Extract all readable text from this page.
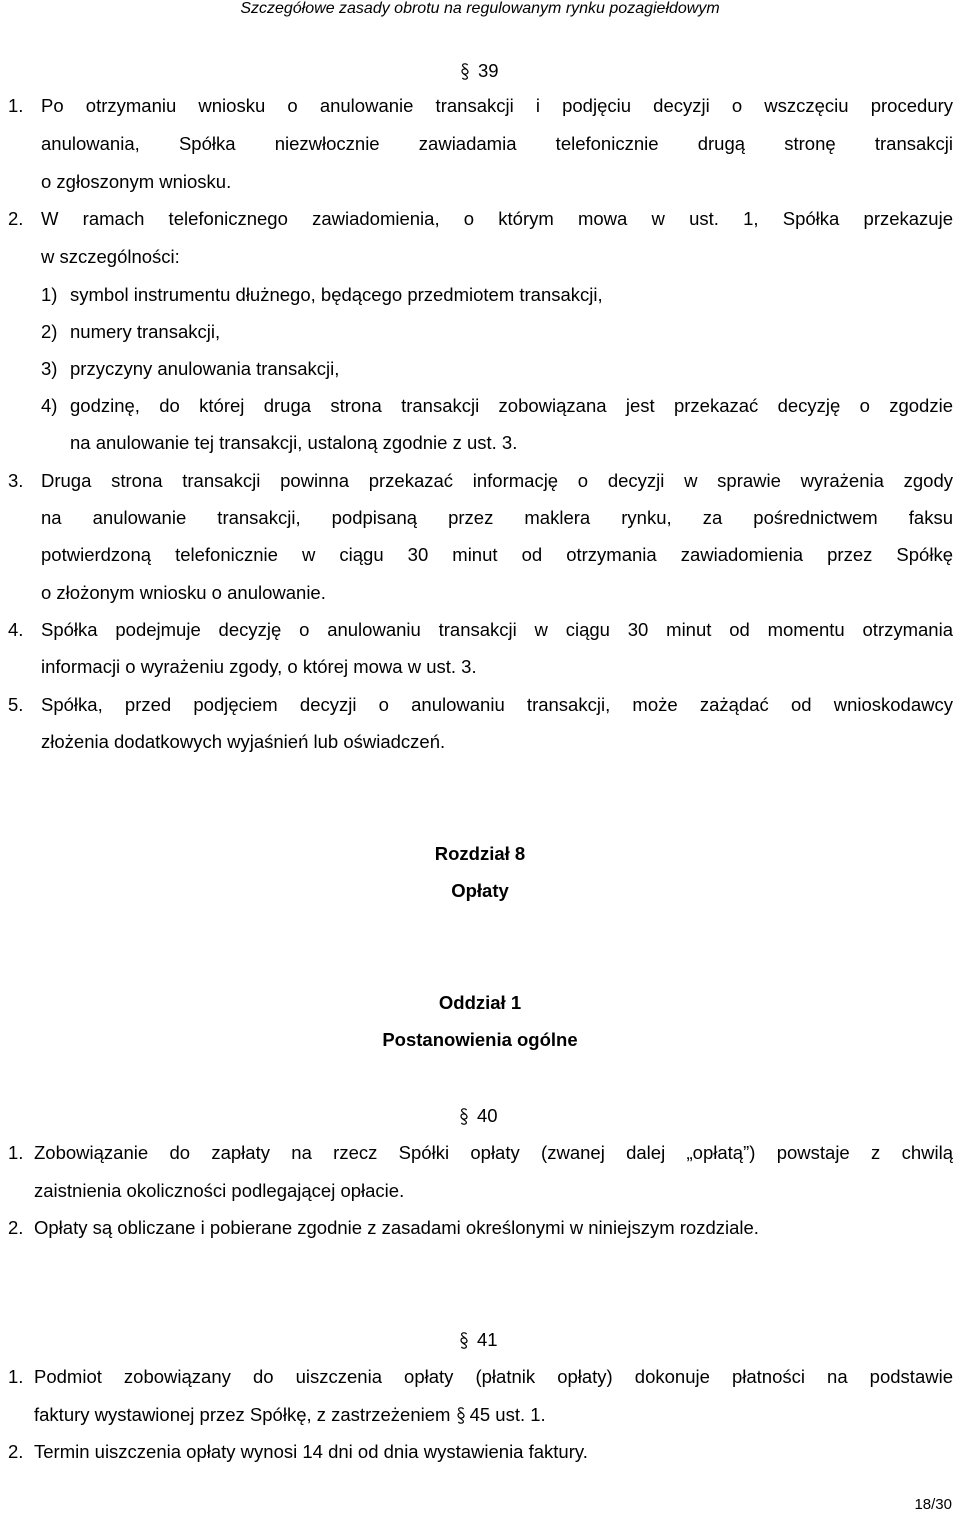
Szczegółowe zasady obrotu na regulowanym rynku pozagiełdowym
39
1. Po otrzymaniu wniosku o anulowanie transakcji i podjęciu decyzji o wszczęciu procedury
anulowania, Spółka niezwłocznie zawiadamia telefonicznie drugą stronę transakcji
o zgłoszonym wniosku.
2. W ramach telefonicznego zawiadomienia, o którym mowa w ust. 1, Spółka przekazuje
w szczególności:
1) symbol instrumentu dłużnego, będącego przedmiotem transakcji,
2) numery transakcji,
3) przyczyny anulowania transakcji,
4) godzinę, do której druga strona transakcji zobowiązana jest przekazać decyzję o zgodzie
na anulowanie tej transakcji, ustaloną zgodnie z ust. 3.
3. Druga strona transakcji powinna przekazać informację o decyzji w sprawie wyrażenia zgody
na anulowanie transakcji, podpisaną przez maklera rynku, za pośrednictwem faksu
potwierdzoną telefonicznie w ciągu 30 minut od otrzymania zawiadomienia przez Spółkę
o złożonym wniosku o anulowanie.
4. Spółka podejmuje decyzję o anulowaniu transakcji w ciągu 30 minut od momentu otrzymania
informacji o wyrażeniu zgody, o której mowa w ust. 3.
5. Spółka, przed podjęciem decyzji o anulowaniu transakcji, może zażądać od wnioskodawcy
złożenia dodatkowych wyjaśnień lub oświadczeń.
Rozdział 8
Opłaty
Oddział 1
Postanowienia ogólne
40
1. Zobowiązanie do zapłaty na rzecz Spółki opłaty (zwanej dalej „opłatą”) powstaje z chwilą
zaistnienia okoliczności podlegającej opłacie.
2. Opłaty są obliczane i pobierane zgodnie z zasadami określonymi w niniejszym rozdziale.
41
1. Podmiot zobowiązany do uiszczenia opłaty (płatnik opłaty) dokonuje płatności na podstawie
faktury wystawionej przez Spółkę, z zastrzeżeniem 45 ust. 1.
2. Termin uiszczenia opłaty wynosi 14 dni od dnia wystawienia faktury.
18/30
